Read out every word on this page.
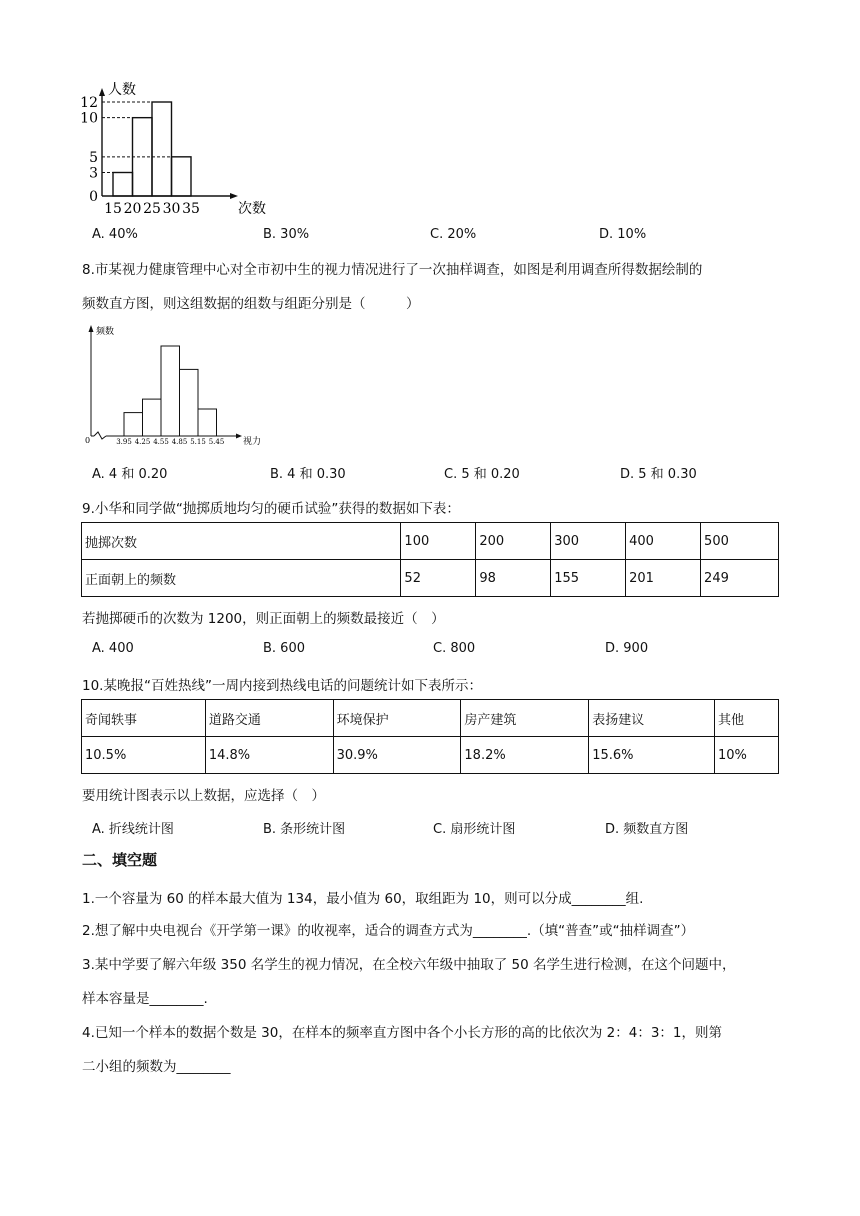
人数
次数
0
3
5
10
12
15 20 25 30 35
A. 40%	B. 30%	C. 20%	D. 10%
8.市某视力健康管理中心对全市初中生的视力情况进行了一次抽样调查，如图是利用调查所得数据绘制的
频数直方图，则这组数据的组数与组距分别是（　　　）
频数
视力
0	3.95 4.25 4.55 4.85 5.15 5.45
A. 4 和 0.20	B. 4 和 0.30	C. 5 和 0.20	D. 5 和 0.30
9.小华和同学做“抛掷质地均匀的硬币试验”获得的数据如下表：
抛掷次数	100	200	300	400	500
正面朝上的频数	52	98	155	201	249
若抛掷硬币的次数为 1200，则正面朝上的频数最接近（　）
A. 400	B. 600	C. 800	D. 900
10.某晚报“百姓热线”一周内接到热线电话的问题统计如下表所示：
奇闻轶事	道路交通	环境保护	房产建筑	表扬建议	其他
10.5%	14.8%	30.9%	18.2%	15.6%	10%
要用统计图表示以上数据，应选择（　）
A. 折线统计图	B. 条形统计图	C. 扇形统计图	D. 频数直方图
二、填空题
1.一个容量为 60 的样本最大值为 134，最小值为 60，取组距为 10，则可以分成________组.
2.想了解中央电视台《开学第一课》的收视率，适合的调查方式为________.（填“普查”或“抽样调查”）
3.某中学要了解六年级 350 名学生的视力情况，在全校六年级中抽取了 50 名学生进行检测，在这个问题中，
样本容量是________.
4.已知一个样本的数据个数是 30，在样本的频率直方图中各个小长方形的高的比依次为 2：4：3：1，则第
二小组的频数为________
